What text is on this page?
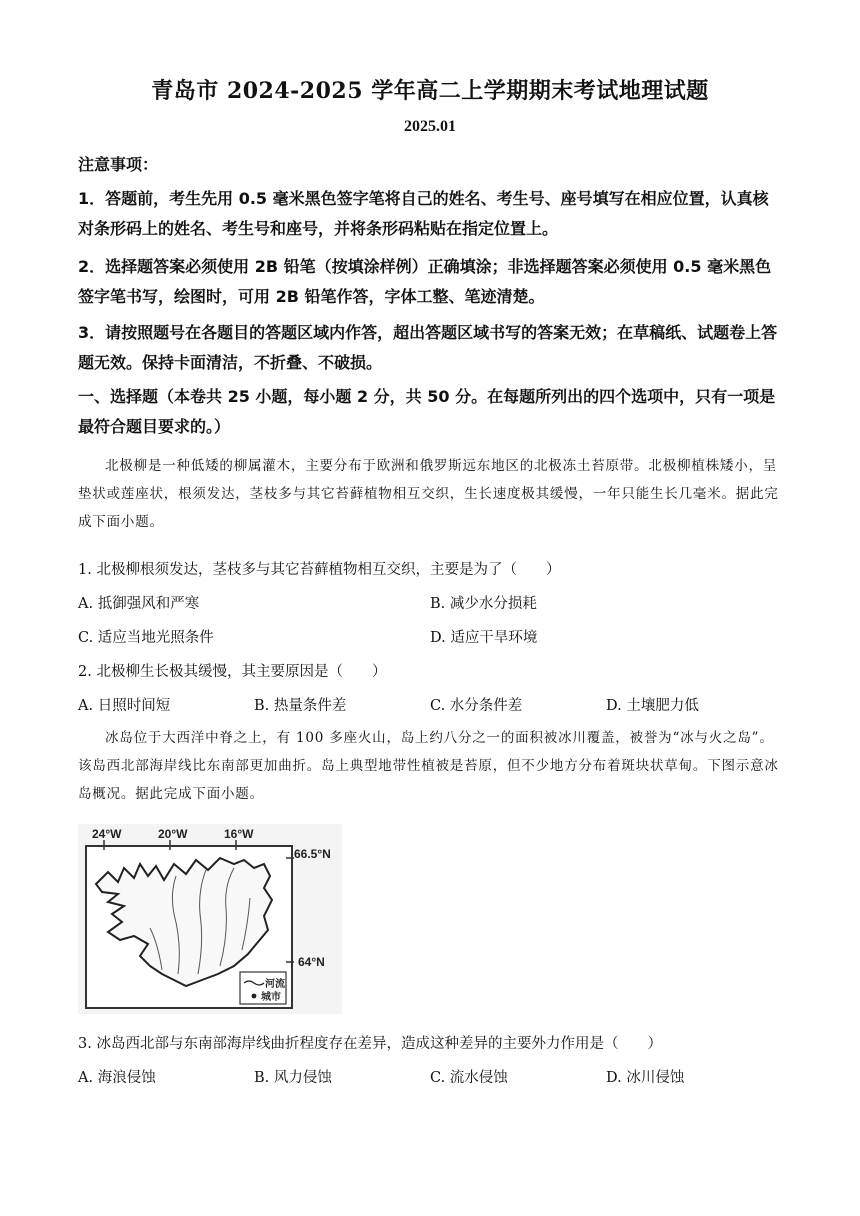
青岛市 2024-2025 学年高二上学期期末考试地理试题
2025.01
注意事项：
1．答题前，考生先用 0.5 毫米黑色签字笔将自己的姓名、考生号、座号填写在相应位置，认真核对条形码上的姓名、考生号和座号，并将条形码粘贴在指定位置上。
2．选择题答案必须使用 2B 铅笔（按填涂样例）正确填涂；非选择题答案必须使用 0.5 毫米黑色签字笔书写，绘图时，可用 2B 铅笔作答，字体工整、笔迹清楚。
3．请按照题号在各题目的答题区域内作答，超出答题区域书写的答案无效；在草稿纸、试题卷上答题无效。保持卡面清洁，不折叠、不破损。
一、选择题（本卷共 25 小题，每小题 2 分，共 50 分。在每题所列出的四个选项中，只有一项是最符合题目要求的。）
北极柳是一种低矮的柳属灌木，主要分布于欧洲和俄罗斯远东地区的北极冻土苔原带。北极柳植株矮小，呈垫状或莲座状，根须发达，茎枝多与其它苔藓植物相互交织，生长速度极其缓慢，一年只能生长几毫米。据此完成下面小题。
1. 北极柳根须发达，茎枝多与其它苔藓植物相互交织，主要是为了（　　）
A. 抵御强风和严寒	B. 减少水分损耗
C. 适应当地光照条件	D. 适应干旱环境
2. 北极柳生长极其缓慢，其主要原因是（　　）
A. 日照时间短	B. 热量条件差	C. 水分条件差	D. 土壤肥力低
冰岛位于大西洋中脊之上，有 100 多座火山，岛上约八分之一的面积被冰川覆盖，被誉为“冰与火之岛”。该岛西北部海岸线比东南部更加曲折。岛上典型地带性植被是苔原，但不少地方分布着斑块状草甸。下图示意冰岛概况。据此完成下面小题。
24°W	20°W	16°W
66.5°N
64°N
河流
城市
3. 冰岛西北部与东南部海岸线曲折程度存在差异，造成这种差异的主要外力作用是（　　）
A. 海浪侵蚀	B. 风力侵蚀	C. 流水侵蚀	D. 冰川侵蚀
